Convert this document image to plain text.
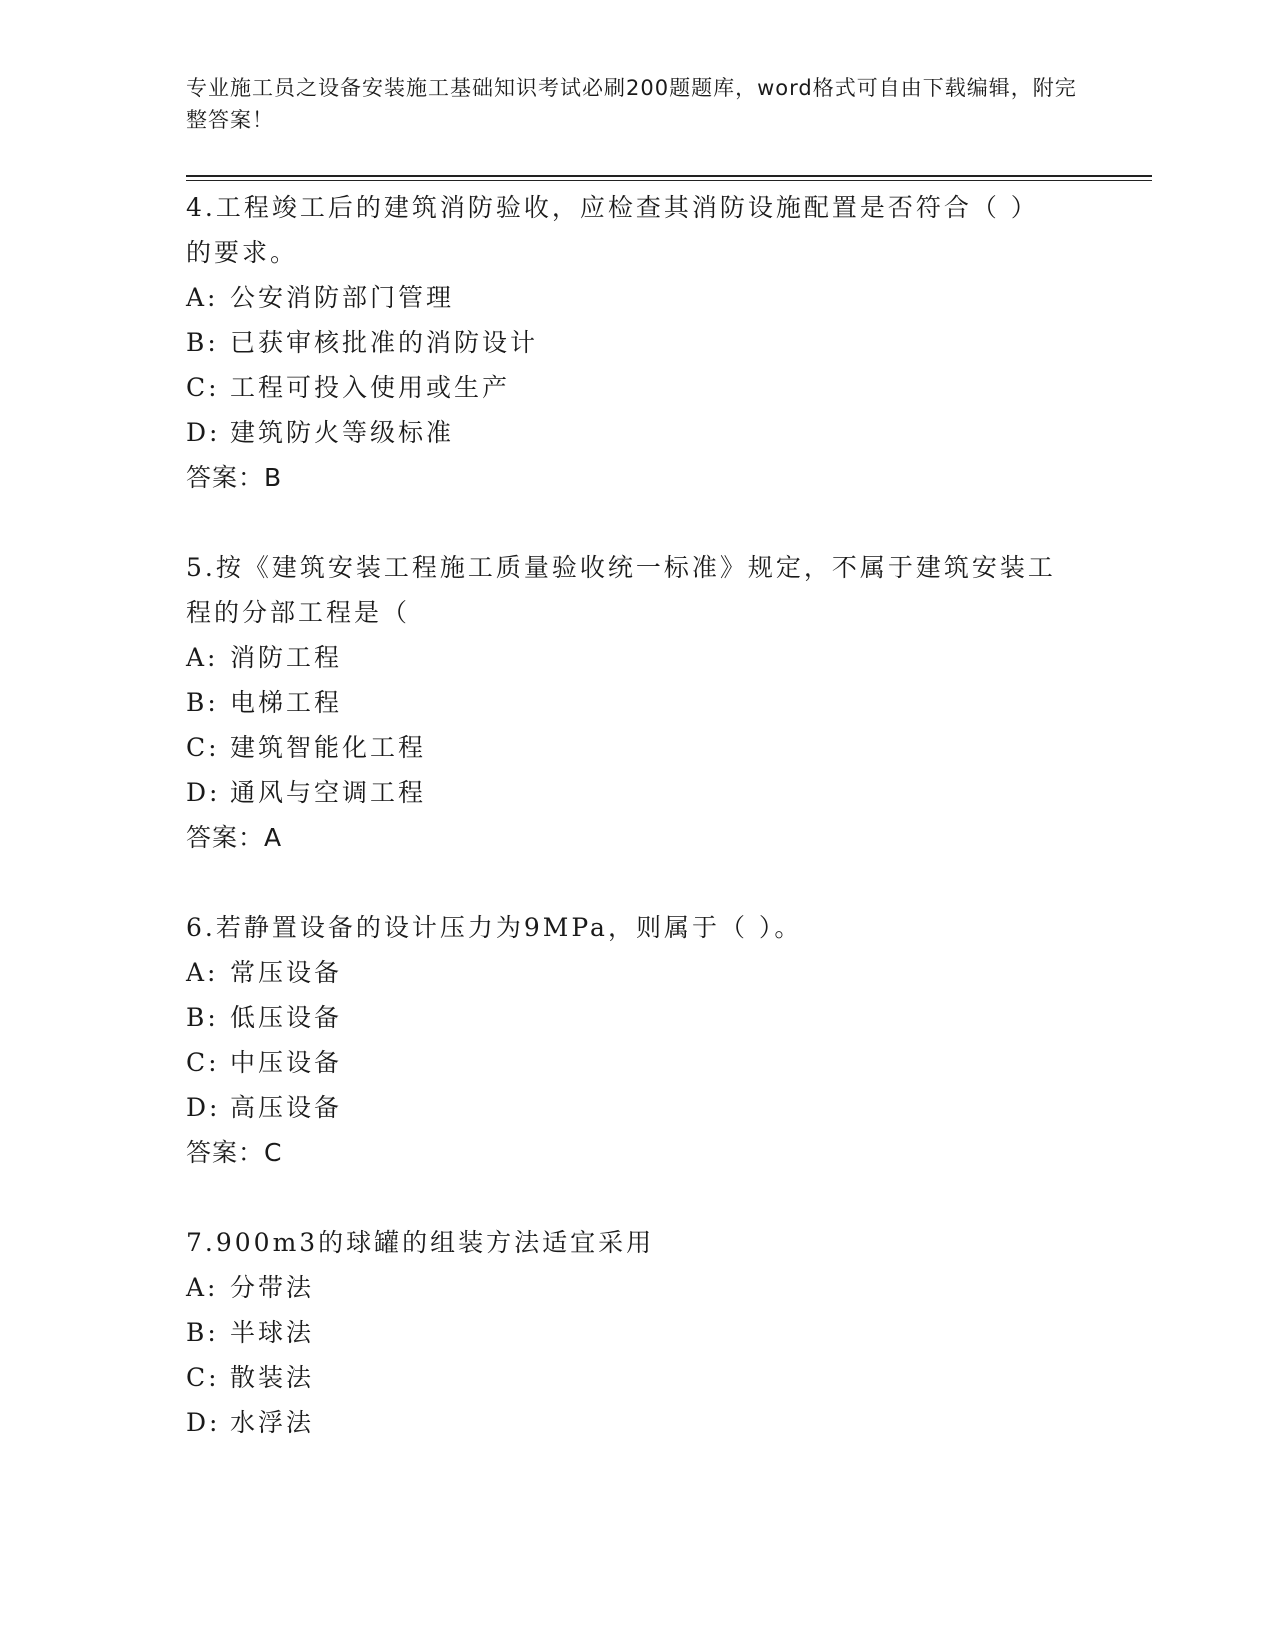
专业施工员之设备安装施工基础知识考试必刷200题题库，word格式可自由下载编辑，附完整答案！
4.工程竣工后的建筑消防验收，应检查其消防设施配置是否符合（ ）的要求。
A: 公安消防部门管理
B: 已获审核批准的消防设计
C: 工程可投入使用或生产
D: 建筑防火等级标准
答案：B
5.按《建筑安装工程施工质量验收统一标准》规定，不属于建筑安装工程的分部工程是（
A: 消防工程
B: 电梯工程
C: 建筑智能化工程
D: 通风与空调工程
答案：A
6.若静置设备的设计压力为9MPa，则属于（ ）。
A: 常压设备
B: 低压设备
C: 中压设备
D: 高压设备
答案：C
7.900m3的球罐的组装方法适宜采用
A: 分带法
B: 半球法
C: 散装法
D: 水浮法
